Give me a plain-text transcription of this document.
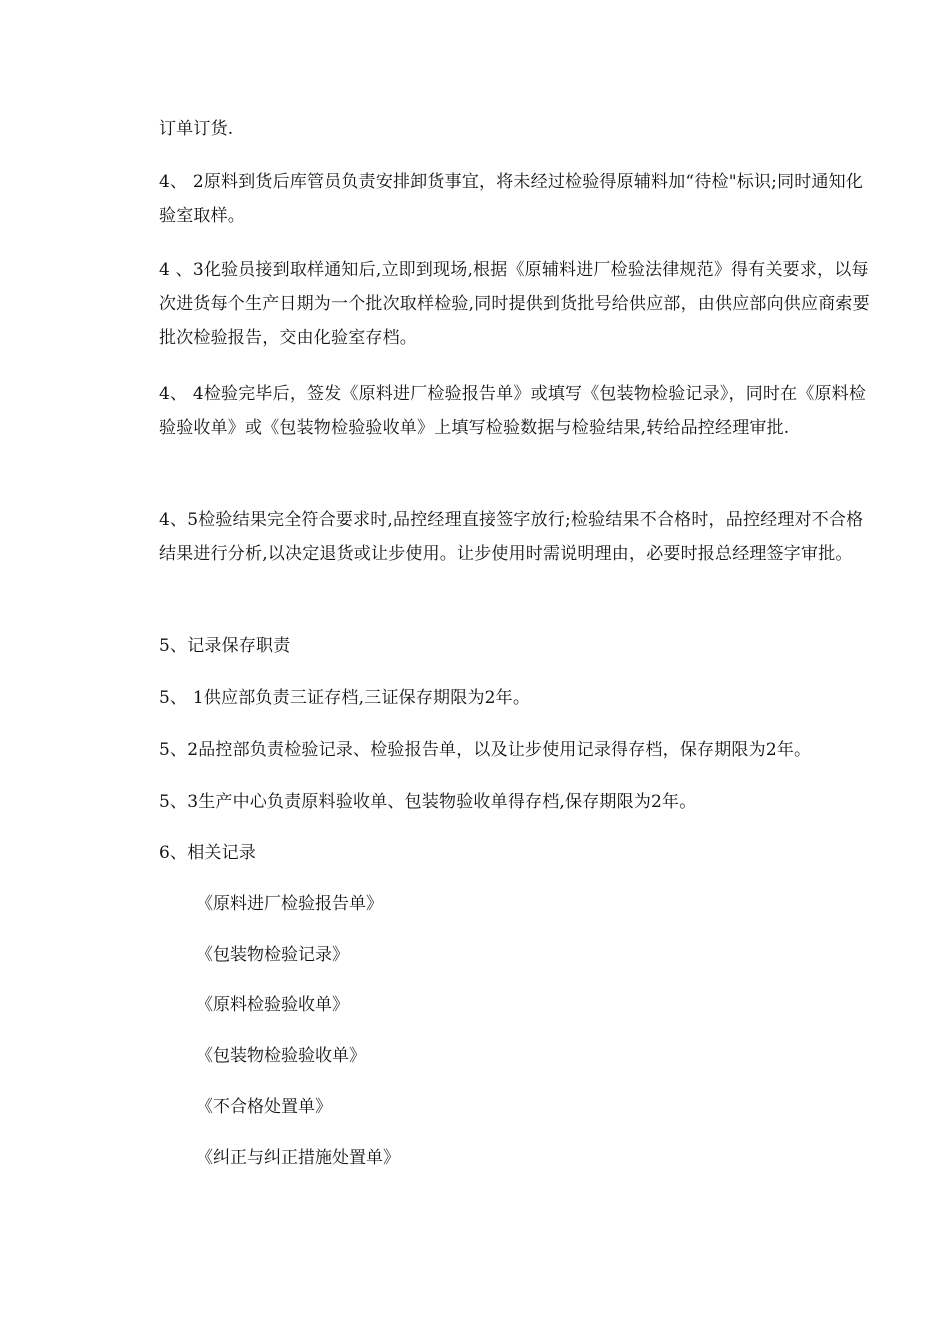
订单订货.

4、 2原料到货后库管员负责安排卸货事宜，将未经过检验得原辅料加“待检"标识;同时通知化验室取样。

4 、3化验员接到取样通知后,立即到现场,根据《原辅料进厂检验法律规范》得有关要求，以每次进货每个生产日期为一个批次取样检验,同时提供到货批号给供应部，由供应部向供应商索要批次检验报告，交由化验室存档。

4、 4检验完毕后，签发《原料进厂检验报告单》或填写《包装物检验记录》，同时在《原料检验验收单》或《包装物检验验收单》上填写检验数据与检验结果,转给品控经理审批.

4、5检验结果完全符合要求时,品控经理直接签字放行;检验结果不合格时，品控经理对不合格结果进行分析,以决定退货或让步使用。让步使用时需说明理由，必要时报总经理签字审批。

5、记录保存职责

5、 1供应部负责三证存档,三证保存期限为2年。

5、2品控部负责检验记录、检验报告单，以及让步使用记录得存档，保存期限为2年。

5、3生产中心负责原料验收单、包装物验收单得存档,保存期限为2年。

6、相关记录

《原料进厂检验报告单》

《包装物检验记录》

《原料检验验收单》

《包装物检验验收单》

《不合格处置单》

《纠正与纠正措施处置单》
